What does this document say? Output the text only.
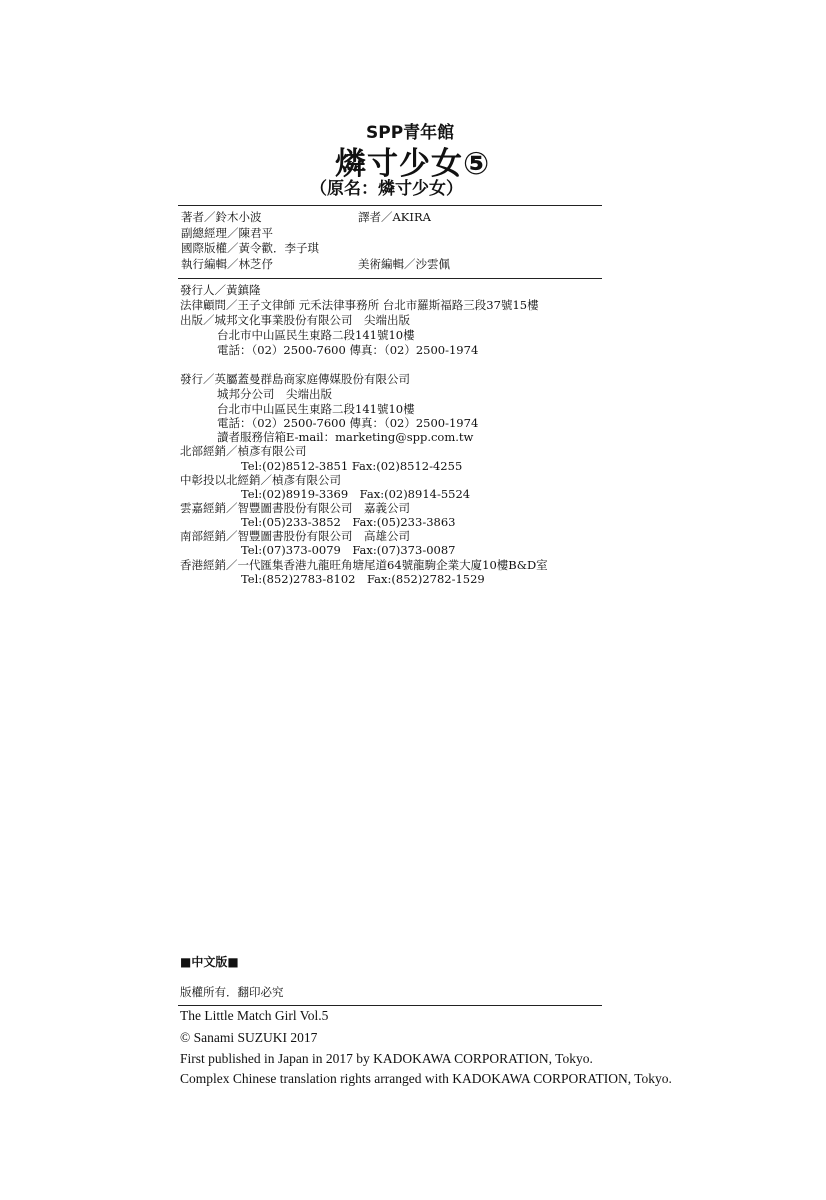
SPP青年館
燐寸少女⑤
（原名：燐寸少女）
著者／鈴木小波	譯者／AKIRA
副總經理／陳君平
國際版權／黃令歡．李子琪
執行編輯／林芝伃	美術編輯／沙雲佩
發行人／黃鎮隆
法律顧問／王子文律師 元禾法律事務所 台北市羅斯福路三段37號15樓
出版／城邦文化事業股份有限公司　尖端出版
台北市中山區民生東路二段141號10樓
電話：（02）2500-7600 傳真：（02）2500-1974
發行／英屬蓋曼群島商家庭傳媒股份有限公司
城邦分公司　尖端出版
台北市中山區民生東路二段141號10樓
電話：（02）2500-7600 傳真：（02）2500-1974
讀者服務信箱E-mail：marketing@spp.com.tw
北部經銷／楨彥有限公司
Tel:(02)8512-3851 Fax:(02)8512-4255
中彰投以北經銷／楨彥有限公司
Tel:(02)8919-3369　Fax:(02)8914-5524
雲嘉經銷／智豐圖書股份有限公司　嘉義公司
Tel:(05)233-3852　Fax:(05)233-3863
南部經銷／智豐圖書股份有限公司　高雄公司
Tel:(07)373-0079　Fax:(07)373-0087
香港經銷／一代匯集香港九龍旺角塘尾道64號龍駒企業大廈10樓B&D室
Tel:(852)2783-8102　Fax:(852)2782-1529
■中文版■
版權所有．翻印必究
The Little Match Girl Vol.5
© Sanami SUZUKI 2017
First published in Japan in 2017 by KADOKAWA CORPORATION, Tokyo.
Complex Chinese translation rights arranged with KADOKAWA CORPORATION, Tokyo.
